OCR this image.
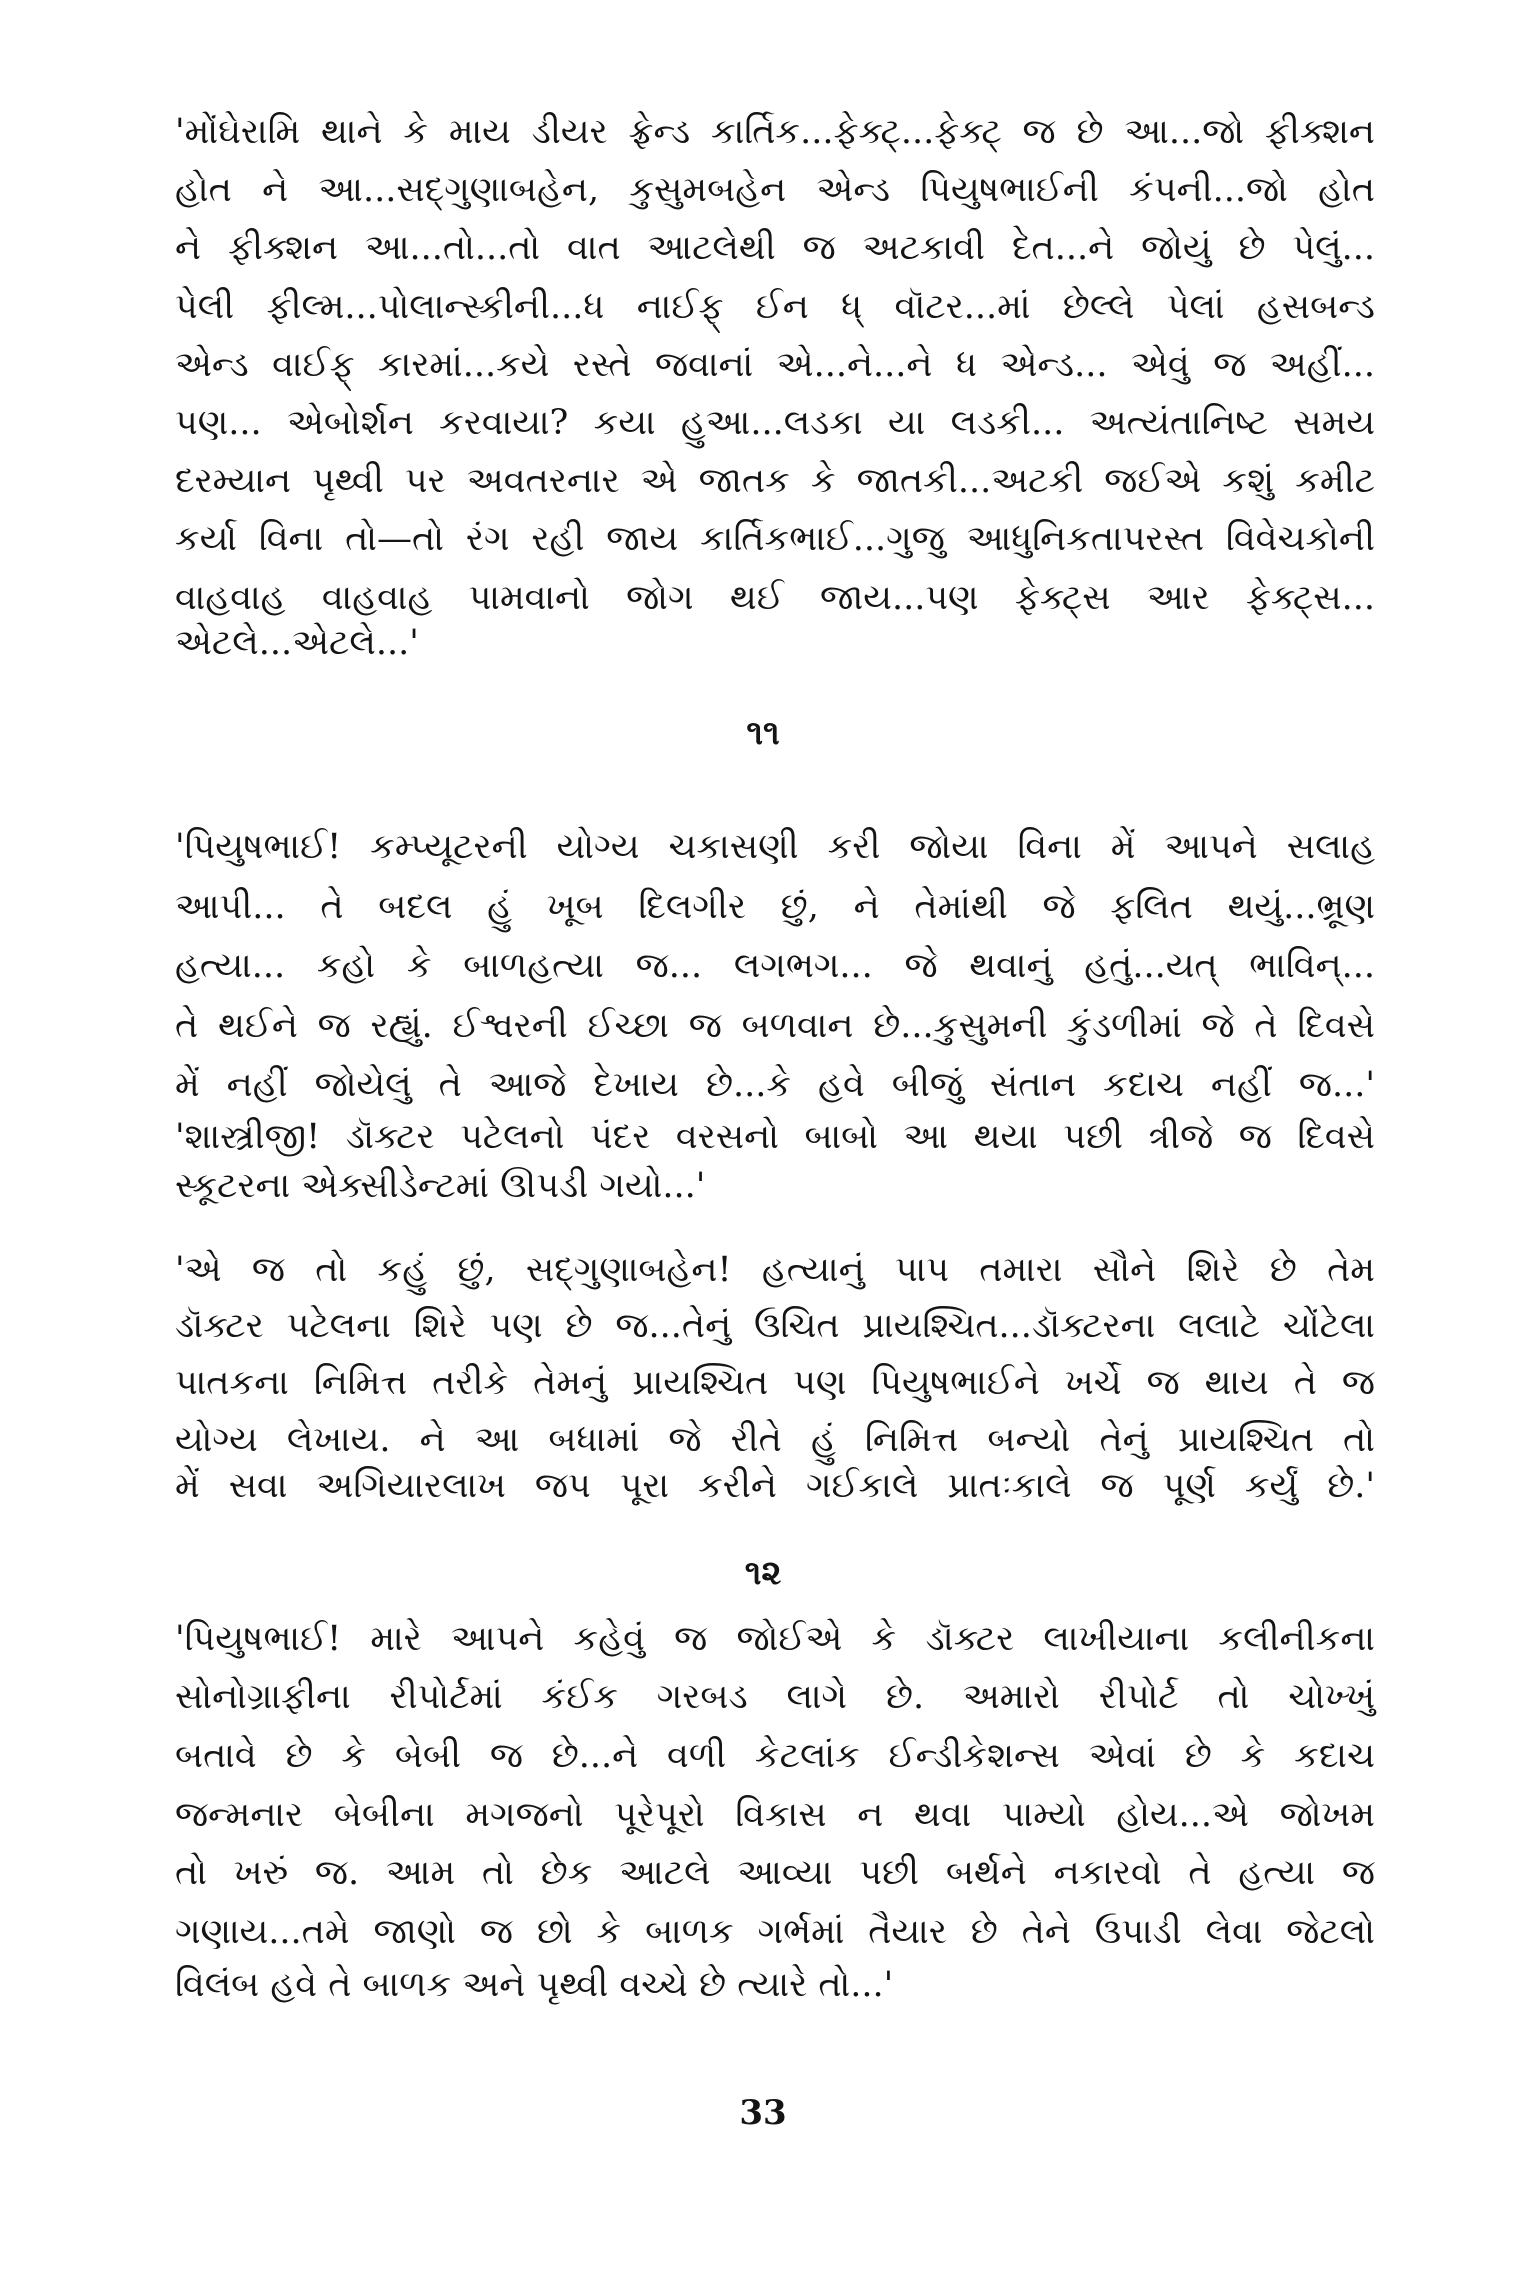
'મોંઘેરામિ થાને કે માય ડીયર ફ્રેન્ડ કાર્તિક...ફેક્ટ્...ફેક્ટ્ જ છે આ...જો ફીક્શન
હોત ને આ...સદ્ગુણાબહેન, કુસુમબહેન એન્ડ પિયુષભાઈની કંપની...જો હોત
ને ફીક્શન આ...તો...તો વાત આટલેથી જ અટકાવી દેત...ને જોયું છે પેલું...
પેલી ફીલ્મ...પોલાન્સ્કીની...ધ નાઈફ્ ઈન ધ્ વૉટર...માં છેલ્લે પેલાં હસબન્ડ
એન્ડ વાઈફ્ કારમાં...કયે રસ્તે જવાનાં એ...ને...ને ધ એન્ડ... એવું જ અહીં...
પણ... એબોર્શન કરવાયા? કયા હુઆ...લડકા યા લડકી... અત્યંતાનિષ્ટ સમય
દરમ્યાન પૃથ્વી પર અવતરનાર એ જાતક કે જાતકી...અટકી જઈએ કશું કમીટ
કર્યા વિના તો—તો રંગ રહી જાય કાર્તિકભાઈ...ગુજુ આધુનિકતાપરસ્ત વિવેચકોની
વાહવાહ વાહવાહ પામવાનો જોગ થઈ જાય...પણ ફેક્ટ્સ આર ફેક્ટ્સ...
એટલે...એટલે...'
૧૧
'પિયુષભાઈ! કમ્પ્યૂટરની યોગ્ય ચકાસણી કરી જોયા વિના મેં આપને સલાહ
આપી... તે બદલ હું ખૂબ દિલગીર છું, ને તેમાંથી જે ફલિત થયું...ભ્રૂણ
હત્યા... કહો કે બાળહત્યા જ... લગભગ... જે થવાનું હતું...યત્ ભાવિન્...
તે થઈને જ રહ્યું. ઈશ્વરની ઈચ્છા જ બળવાન છે...કુસુમની કુંડળીમાં જે તે દિવસે
મેં નહીં જોયેલું તે આજે દેખાય છે...કે હવે બીજું સંતાન કદાચ નહીં જ...'
'શાસ્ત્રીજી! ડૉક્ટર પટેલનો પંદર વરસનો બાબો આ થયા પછી ત્રીજે જ દિવસે
સ્કૂટરના એક્સીડેન્ટમાં ઊપડી ગયો...'
'એ જ તો કહું છું, સદ્ગુણાબહેન! હત્યાનું પાપ તમારા સૌને શિરે છે તેમ
ડૉક્ટર પટેલના શિરે પણ છે જ...તેનું ઉચિત પ્રાયશ્ચિત...ડૉક્ટરના લલાટે ચોંટેલા
પાતકના નિમિત્ત તરીકે તેમનું પ્રાયશ્ચિત પણ પિયુષભાઈને ખર્ચે જ થાય તે જ
યોગ્ય લેખાય. ને આ બધામાં જે રીતે હું નિમિત્ત બન્યો તેનું પ્રાયશ્ચિત તો
મેં સવા અગિયારલાખ જપ પૂરા કરીને ગઈકાલે પ્રાતઃકાલે જ પૂર્ણ કર્યું છે.'
૧૨
'પિયુષભાઈ! મારે આપને કહેવું જ જોઈએ કે ડૉક્ટર લાખીયાના કલીનીકના
સોનોગ્રાફીના રીપોર્ટમાં કંઈક ગરબડ લાગે છે. અમારો રીપોર્ટ તો ચોખ્ખું
બતાવે છે કે બેબી જ છે...ને વળી કેટલાંક ઈન્ડીકેશન્સ એવાં છે કે કદાચ
જન્મનાર બેબીના મગજનો પૂરેપૂરો વિકાસ ન થવા પામ્યો હોય...એ જોખમ
તો ખરું જ. આમ તો છેક આટલે આવ્યા પછી બર્થને નકારવો તે હત્યા જ
ગણાય...તમે જાણો જ છો કે બાળક ગર્ભમાં તૈયાર છે તેને ઉપાડી લેવા જેટલો
વિલંબ હવે તે બાળક અને પૃથ્વી વચ્ચે છે ત્યારે તો...'
33
